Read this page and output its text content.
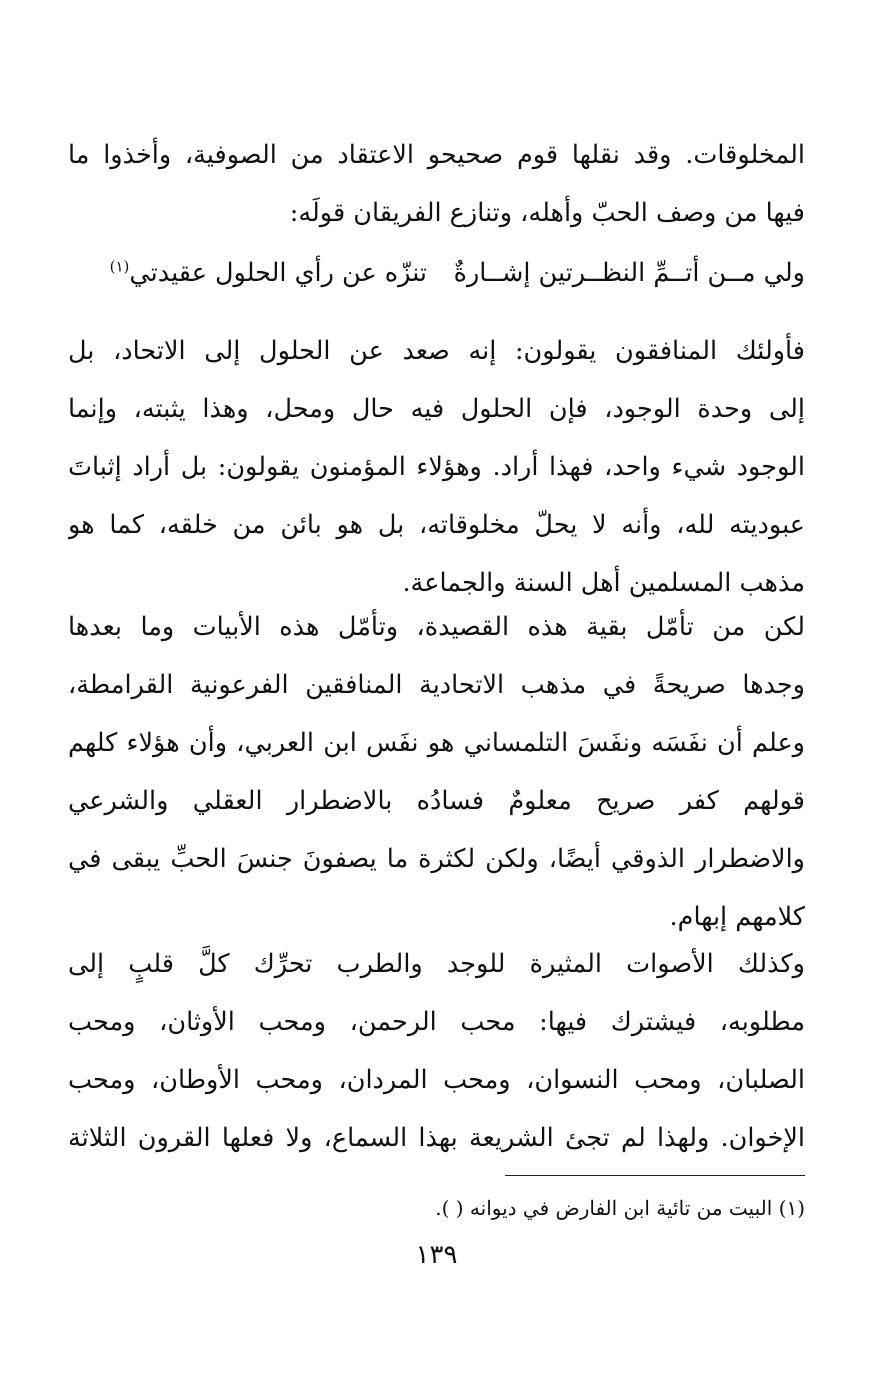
المخلوقات. وقد نقلها قوم صحيحو الاعتقاد من الصوفية، وأخذوا ما
فيها من وصف الحبّ وأهله، وتنازع الفريقان قولَه:
ولي مــن أتــمِّ النظــرتين إشــارةٌ
تنزّه عن رأي الحلول عقيدتي$^{(١)}$
فأولئك المنافقون يقولون: إنه صعد عن الحلول إلى الاتحاد، بل
إلى وحدة الوجود، فإن الحلول فيه حال ومحل، وهذا يثبته، وإنما
الوجود شيء واحد، فهذا أراد. وهؤلاء المؤمنون يقولون: بل أراد إثباتَ
عبوديته لله، وأنه لا يحلّ مخلوقاته، بل هو بائن من خلقه، كما هو
مذهب المسلمين أهل السنة والجماعة.
لكن من تأمّل بقية هذه القصيدة، وتأمّل هذه الأبيات وما بعدها
وجدها صريحةً في مذهب الاتحادية المنافقين الفرعونية القرامطة،
وعلم أن نفَسَه ونفَسَ التلمساني هو نفَس ابن العربي، وأن هؤلاء كلهم
قولهم كفر صريح معلومٌ فسادُه بالاضطرار العقلي والشرعي
والاضطرار الذوقي أيضًا، ولكن لكثرة ما يصفونَ جنسَ الحبِّ يبقى في
كلامهم إبهام.
وكذلك الأصوات المثيرة للوجد والطرب تحرِّك كلَّ قلبٍ إلى
مطلوبه، فيشترك فيها: محب الرحمن، ومحب الأوثان، ومحب
الصلبان، ومحب النسوان، ومحب المردان، ومحب الأوطان، ومحب
الإخوان. ولهذا لم تجئ الشريعة بهذا السماع، ولا فعلها القرون الثلاثة
(١) البيت من تائية ابن الفارض في ديوانه ( ).
١٣٩
